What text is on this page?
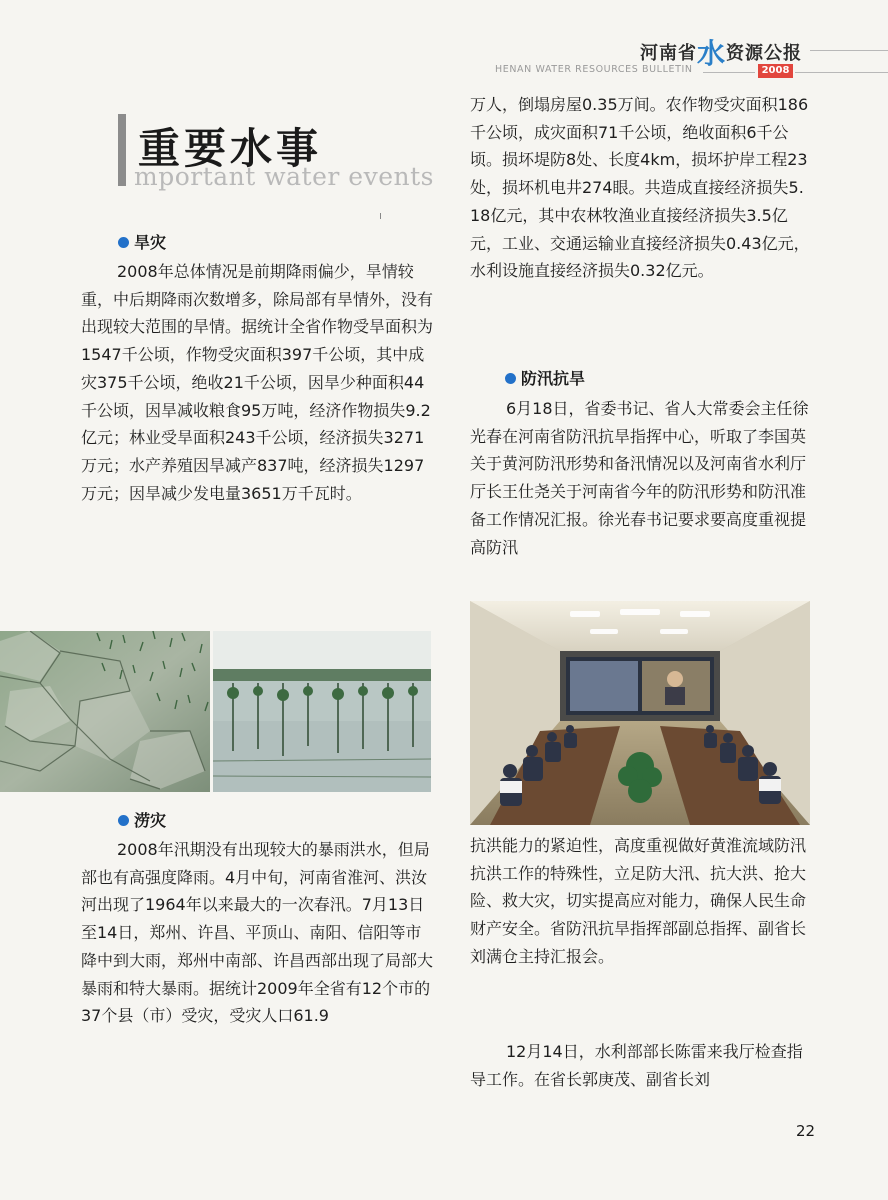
河南省水资源公报
HENAN WATER RESOURCES BULLETIN	2008
重要水事
mportant water events
旱灾

2008年总体情况是前期降雨偏少，旱情较重，中后期降雨次数增多，除局部有旱情外，没有出现较大范围的旱情。据统计全省作物受旱面积为1547千公顷，作物受灾面积397千公顷，其中成灾375千公顷，绝收21千公顷，因旱少种面积44千公顷，因旱减收粮食95万吨，经济作物损失9.2亿元；林业受旱面积243千公顷，经济损失3271万元；水产养殖因旱减产837吨，经济损失1297万元；因旱减少发电量3651万千瓦时。

涝灾

2008年汛期没有出现较大的暴雨洪水，但局部也有高强度降雨。4月中旬，河南省淮河、洪汝河出现了1964年以来最大的一次春汛。7月13日至14日，郑州、许昌、平顶山、南阳、信阳等市降中到大雨，郑州中南部、许昌西部出现了局部大暴雨和特大暴雨。据统计2009年全省有12个市的37个县（市）受灾，受灾人口61.9

万人，倒塌房屋0.35万间。农作物受灾面积186千公顷，成灾面积71千公顷，绝收面积6千公顷。损坏堤防8处、长度4km，损坏护岸工程23处，损坏机电井274眼。共造成直接经济损失5.18亿元，其中农林牧渔业直接经济损失3.5亿元，工业、交通运输业直接经济损失0.43亿元，水利设施直接经济损失0.32亿元。

防汛抗旱

6月18日，省委书记、省人大常委会主任徐光春在河南省防汛抗旱指挥中心，听取了李国英关于黄河防汛形势和备汛情况以及河南省水利厅厅长王仕尧关于河南省今年的防汛形势和防汛准备工作情况汇报。徐光春书记要求要高度重视提高防汛

抗洪能力的紧迫性，高度重视做好黄淮流域防汛抗洪工作的特殊性，立足防大汛、抗大洪、抢大险、救大灾，切实提高应对能力，确保人民生命财产安全。省防汛抗旱指挥部副总指挥、副省长刘满仓主持汇报会。

12月14日，水利部部长陈雷来我厅检查指导工作。在省长郭庚茂、副省长刘

22
